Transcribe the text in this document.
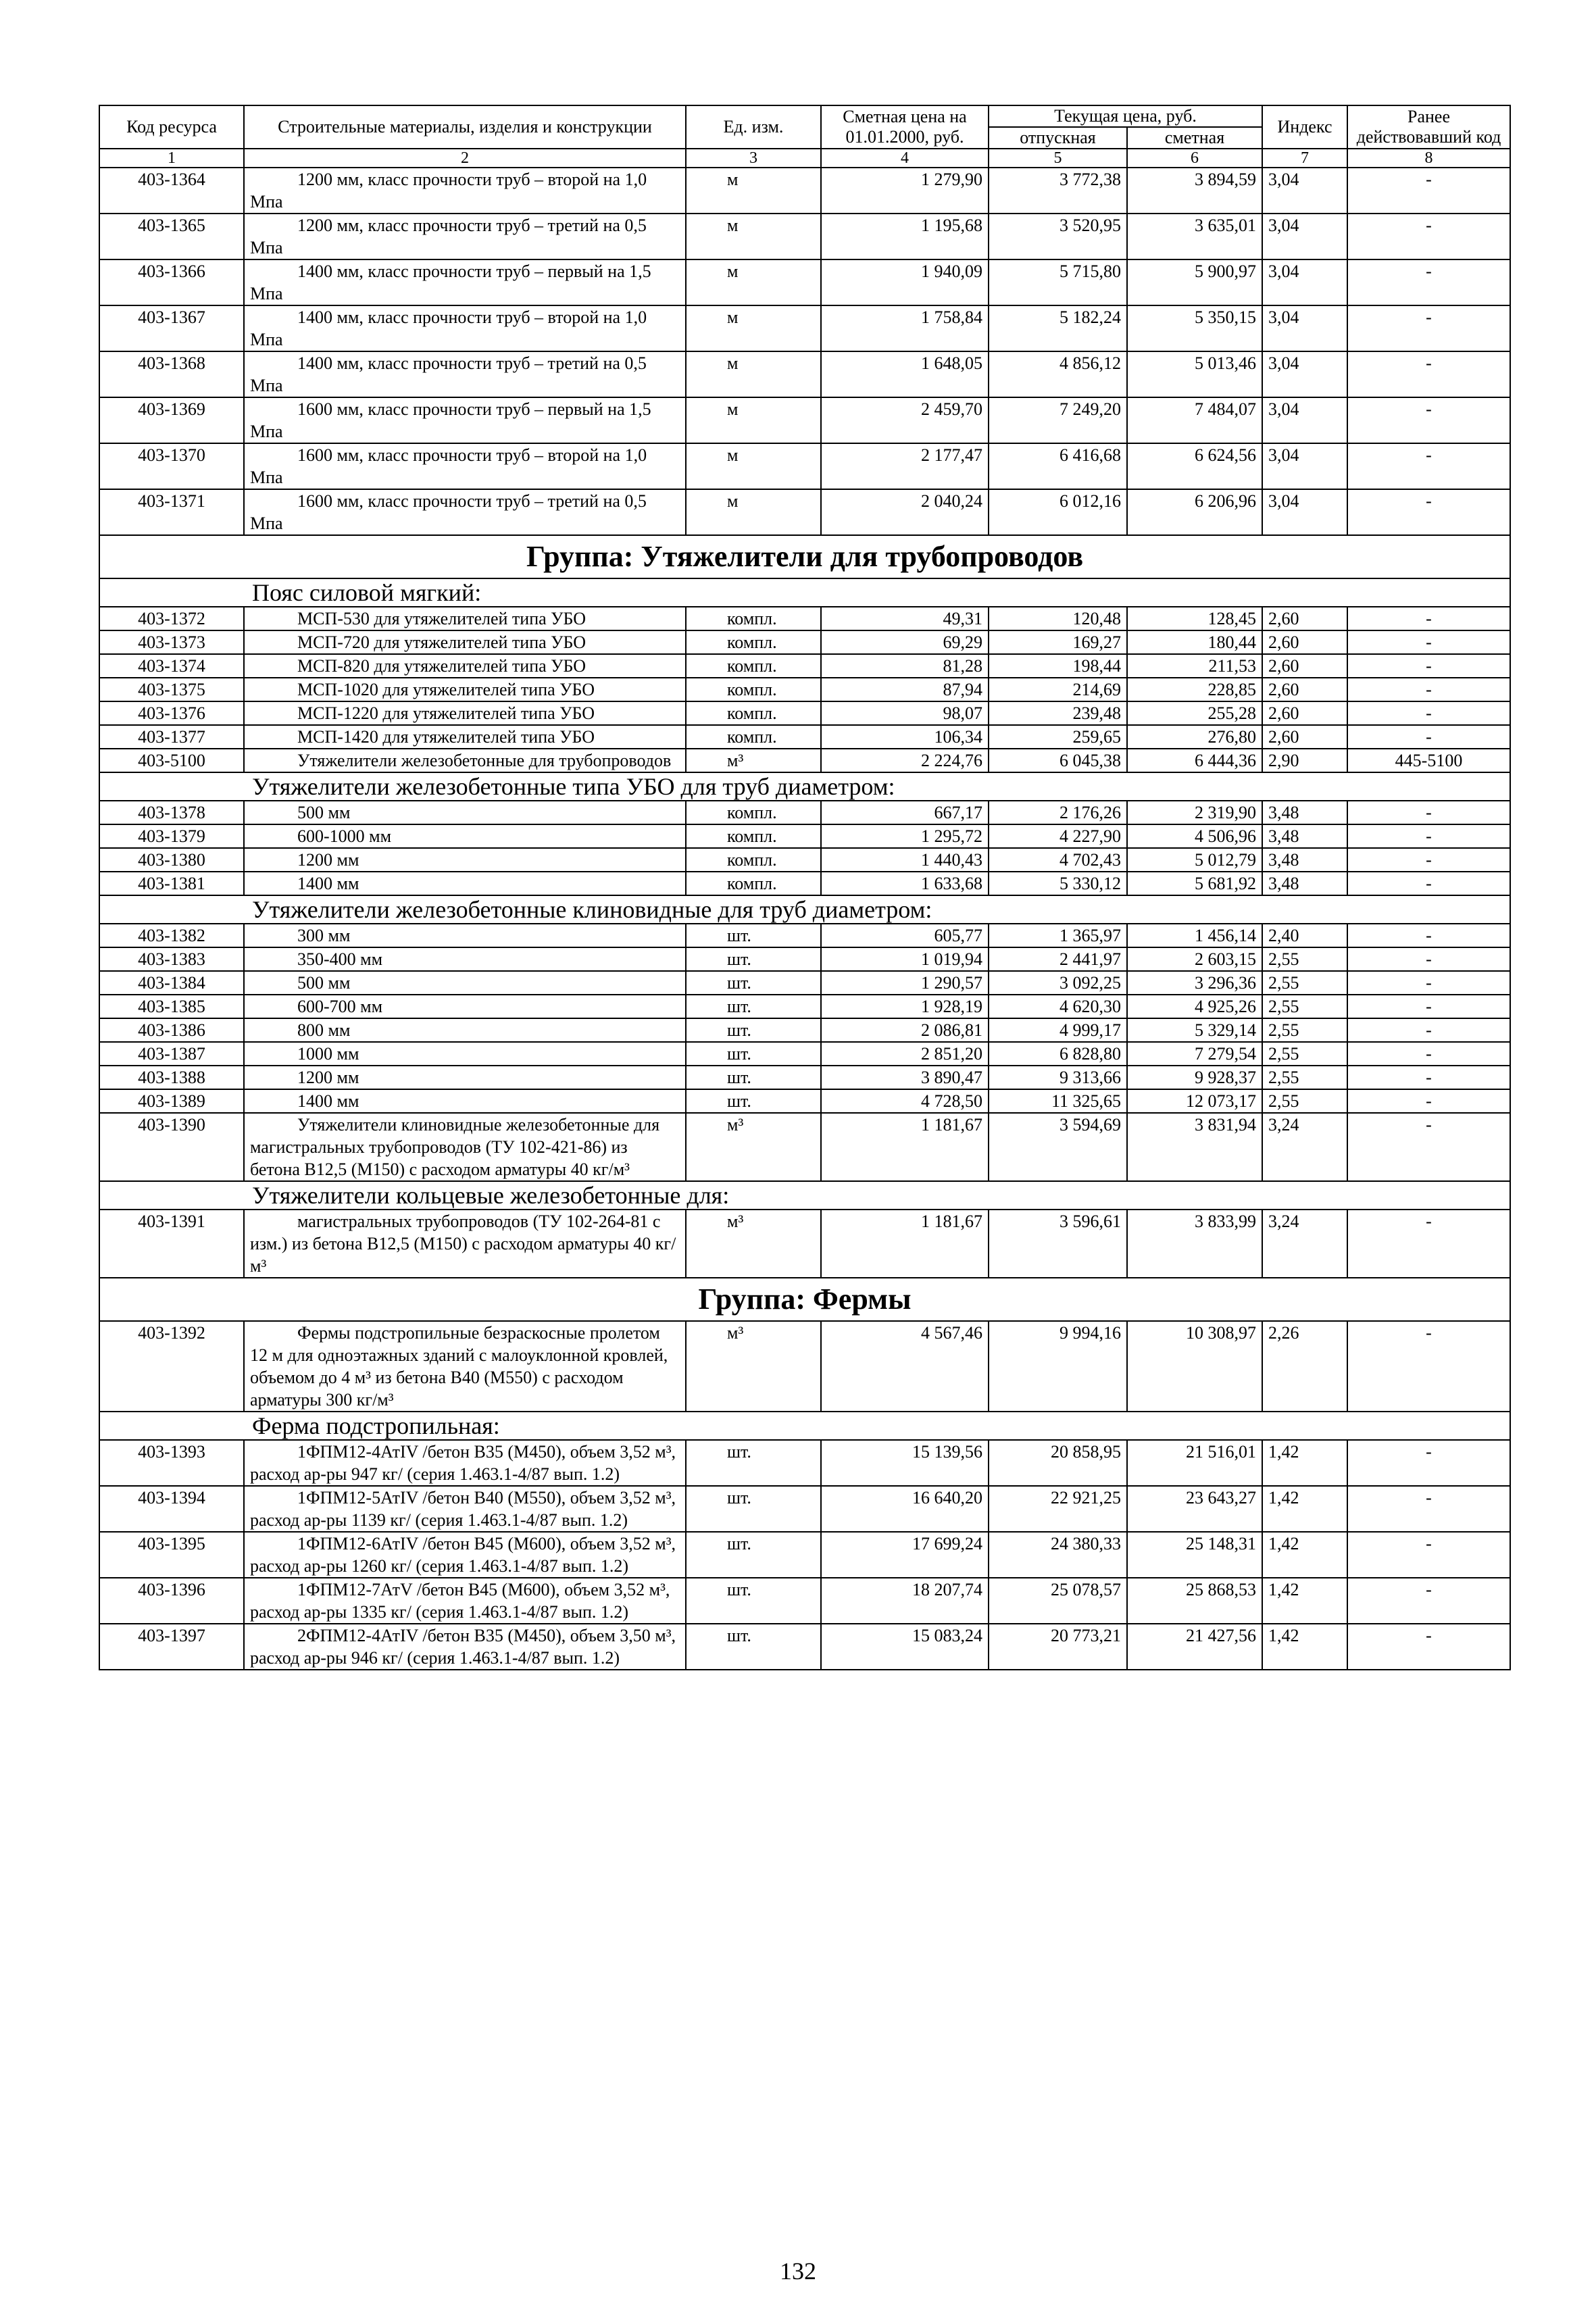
Код ресурса	Строительные материалы, изделия и конструкции	Ед. изм.	Сметная цена на 01.01.2000, руб.	Текущая цена, руб.		Индекс	Ранее действовавший код
				отпускная	сметная		
1	2	3	4	5	6	7	8
403-1364	1200 мм, класс прочности труб – второй на 1,0 Мпа	м	1 279,90	3 772,38	3 894,59	3,04	-
403-1365	1200 мм, класс прочности труб – третий на 0,5 Мпа	м	1 195,68	3 520,95	3 635,01	3,04	-
403-1366	1400 мм, класс прочности труб – первый на 1,5 Мпа	м	1 940,09	5 715,80	5 900,97	3,04	-
403-1367	1400 мм, класс прочности труб – второй на 1,0 Мпа	м	1 758,84	5 182,24	5 350,15	3,04	-
403-1368	1400 мм, класс прочности труб – третий на 0,5 Мпа	м	1 648,05	4 856,12	5 013,46	3,04	-
403-1369	1600 мм, класс прочности труб – первый на 1,5 Мпа	м	2 459,70	7 249,20	7 484,07	3,04	-
403-1370	1600 мм, класс прочности труб – второй на 1,0 Мпа	м	2 177,47	6 416,68	6 624,56	3,04	-
403-1371	1600 мм, класс прочности труб – третий на 0,5 Мпа	м	2 040,24	6 012,16	6 206,96	3,04	-
Группа: Утяжелители для трубопроводов							
Пояс силовой мягкий:							
403-1372	МСП-530 для утяжелителей типа УБО	компл.	49,31	120,48	128,45	2,60	-
403-1373	МСП-720 для утяжелителей типа УБО	компл.	69,29	169,27	180,44	2,60	-
403-1374	МСП-820 для утяжелителей типа УБО	компл.	81,28	198,44	211,53	2,60	-
403-1375	МСП-1020 для утяжелителей типа УБО	компл.	87,94	214,69	228,85	2,60	-
403-1376	МСП-1220 для утяжелителей типа УБО	компл.	98,07	239,48	255,28	2,60	-
403-1377	МСП-1420 для утяжелителей типа УБО	компл.	106,34	259,65	276,80	2,60	-
403-5100	Утяжелители железобетонные для трубопроводов	м³	2 224,76	6 045,38	6 444,36	2,90	445-5100
Утяжелители железобетонные типа УБО для труб диаметром:							
403-1378	500 мм	компл.	667,17	2 176,26	2 319,90	3,48	-
403-1379	600-1000 мм	компл.	1 295,72	4 227,90	4 506,96	3,48	-
403-1380	1200 мм	компл.	1 440,43	4 702,43	5 012,79	3,48	-
403-1381	1400 мм	компл.	1 633,68	5 330,12	5 681,92	3,48	-
Утяжелители железобетонные клиновидные для труб диаметром:							
403-1382	300 мм	шт.	605,77	1 365,97	1 456,14	2,40	-
403-1383	350-400 мм	шт.	1 019,94	2 441,97	2 603,15	2,55	-
403-1384	500 мм	шт.	1 290,57	3 092,25	3 296,36	2,55	-
403-1385	600-700 мм	шт.	1 928,19	4 620,30	4 925,26	2,55	-
403-1386	800 мм	шт.	2 086,81	4 999,17	5 329,14	2,55	-
403-1387	1000 мм	шт.	2 851,20	6 828,80	7 279,54	2,55	-
403-1388	1200 мм	шт.	3 890,47	9 313,66	9 928,37	2,55	-
403-1389	1400 мм	шт.	4 728,50	11 325,65	12 073,17	2,55	-
403-1390	Утяжелители клиновидные железобетонные для магистральных трубопроводов (ТУ 102-421-86) из бетона В12,5 (М150) с расходом арматуры 40 кг/м³	м³	1 181,67	3 594,69	3 831,94	3,24	-
Утяжелители кольцевые железобетонные для:							
403-1391	магистральных трубопроводов (ТУ 102-264-81 с изм.) из бетона В12,5 (М150) с расходом арматуры 40 кг/м³	м³	1 181,67	3 596,61	3 833,99	3,24	-
Группа: Фермы							
403-1392	Фермы подстропильные безраскосные пролетом 12 м для одноэтажных зданий с малоуклонной кровлей, объемом до 4 м³ из бетона В40 (М550) с расходом арматуры 300 кг/м³	м³	4 567,46	9 994,16	10 308,97	2,26	-
Ферма подстропильная:							
403-1393	1ФПМ12-4АтIV /бетон В35 (М450), объем 3,52 м³, расход ар-ры 947 кг/ (серия 1.463.1-4/87 вып. 1.2)	шт.	15 139,56	20 858,95	21 516,01	1,42	-
403-1394	1ФПМ12-5АтIV /бетон В40 (М550), объем 3,52 м³, расход ар-ры 1139 кг/ (серия 1.463.1-4/87 вып. 1.2)	шт.	16 640,20	22 921,25	23 643,27	1,42	-
403-1395	1ФПМ12-6АтIV /бетон В45 (М600), объем 3,52 м³, расход ар-ры 1260 кг/ (серия 1.463.1-4/87 вып. 1.2)	шт.	17 699,24	24 380,33	25 148,31	1,42	-
403-1396	1ФПМ12-7АтV /бетон В45 (М600), объем 3,52 м³, расход ар-ры 1335 кг/ (серия 1.463.1-4/87 вып. 1.2)	шт.	18 207,74	25 078,57	25 868,53	1,42	-
403-1397	2ФПМ12-4АтIV /бетон В35 (М450), объем 3,50 м³, расход ар-ры 946 кг/ (серия 1.463.1-4/87 вып. 1.2)	шт.	15 083,24	20 773,21	21 427,56	1,42	-
132
